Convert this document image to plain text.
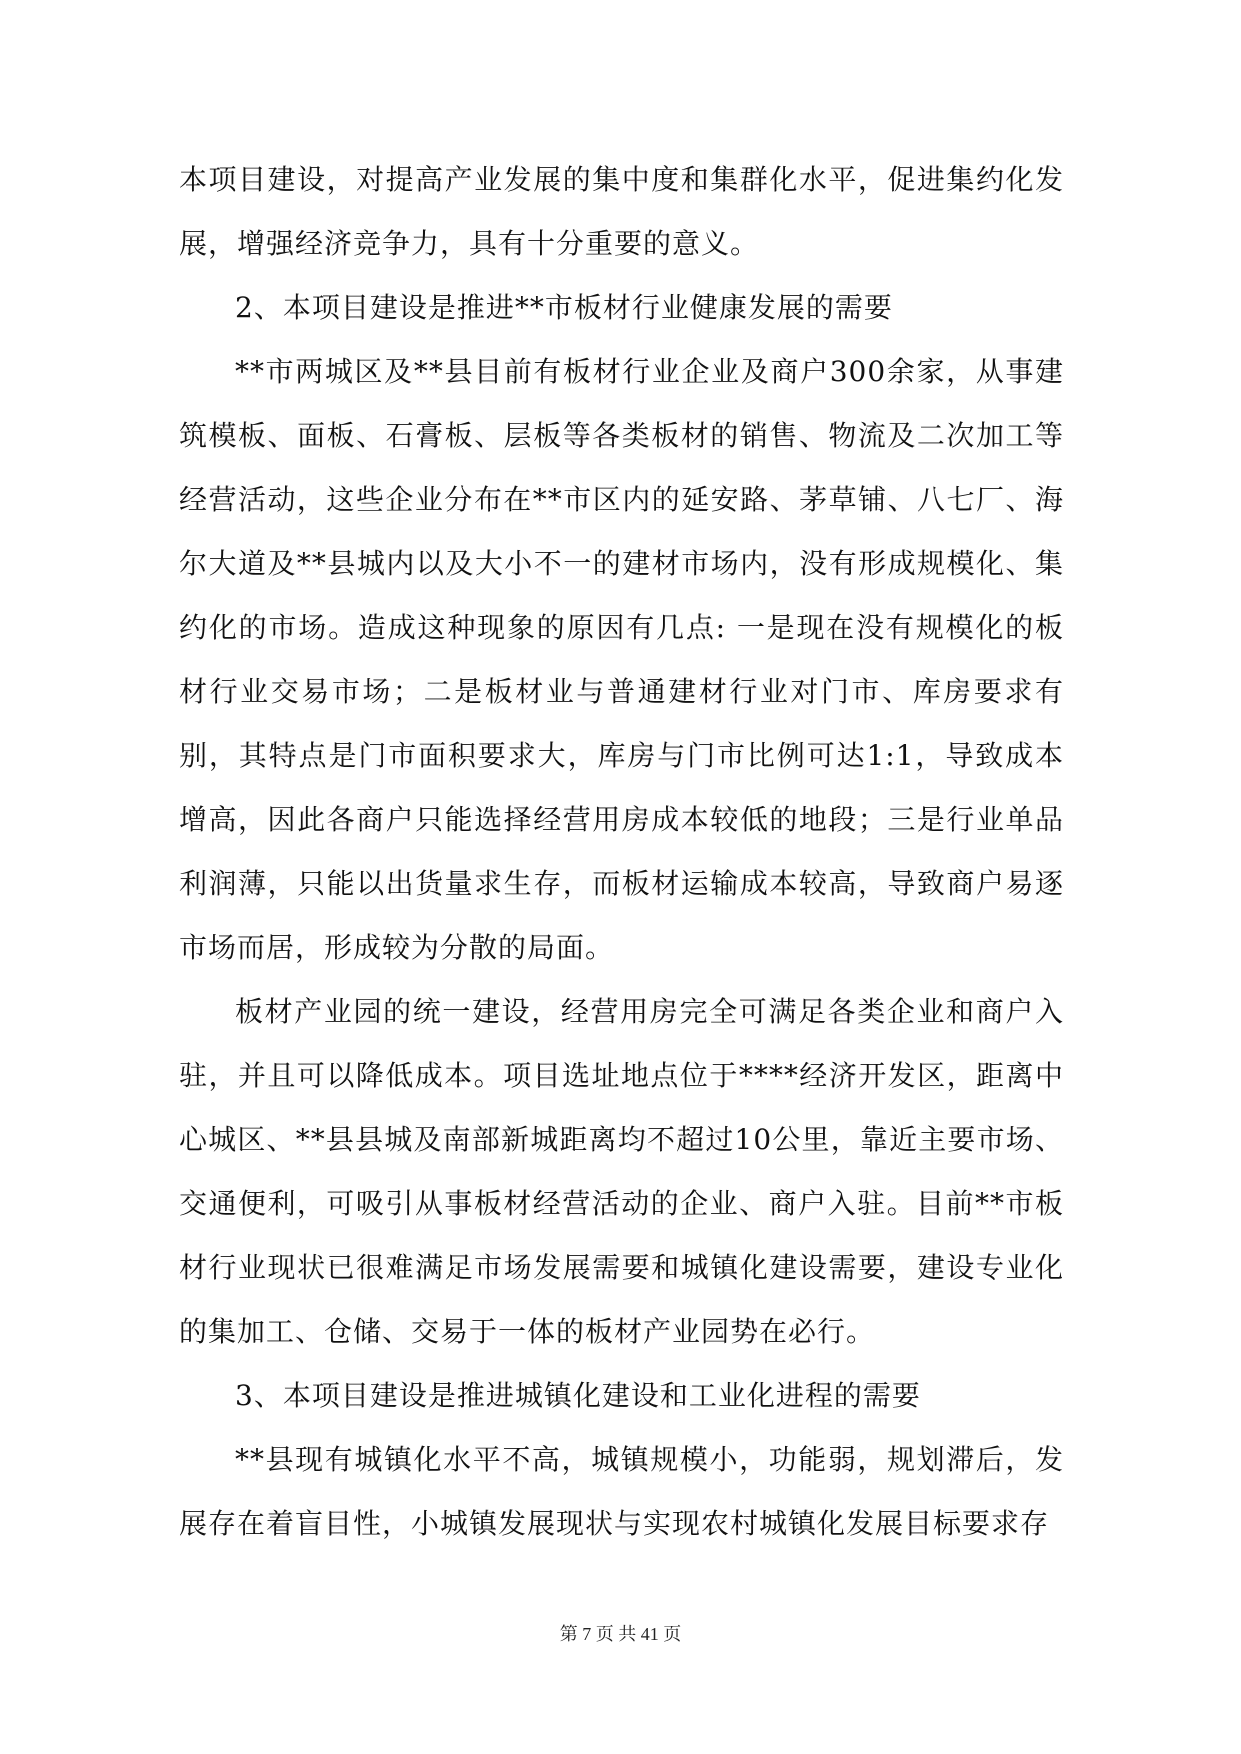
本项目建设，对提高产业发展的集中度和集群化水平，促进集约化发展，增强经济竞争力，具有十分重要的意义。

2、本项目建设是推进**市板材行业健康发展的需要

**市两城区及**县目前有板材行业企业及商户300余家，从事建筑模板、面板、石膏板、层板等各类板材的销售、物流及二次加工等经营活动，这些企业分布在**市区内的延安路、茅草铺、八七厂、海尔大道及**县城内以及大小不一的建材市场内，没有形成规模化、集约化的市场。造成这种现象的原因有几点: 一是现在没有规模化的板材行业交易市场；二是板材业与普通建材行业对门市、库房要求有别，其特点是门市面积要求大，库房与门市比例可达1:1，导致成本增高，因此各商户只能选择经营用房成本较低的地段；三是行业单品利润薄，只能以出货量求生存，而板材运输成本较高，导致商户易逐市场而居，形成较为分散的局面。

板材产业园的统一建设，经营用房完全可满足各类企业和商户入驻，并且可以降低成本。项目选址地点位于****经济开发区，距离中心城区、**县县城及南部新城距离均不超过10公里，靠近主要市场、交通便利，可吸引从事板材经营活动的企业、商户入驻。目前**市板材行业现状已很难满足市场发展需要和城镇化建设需要，建设专业化的集加工、仓储、交易于一体的板材产业园势在必行。

3、本项目建设是推进城镇化建设和工业化进程的需要

**县现有城镇化水平不高，城镇规模小，功能弱，规划滞后，发展存在着盲目性，小城镇发展现状与实现农村城镇化发展目标要求存

第 7 页 共 41 页
